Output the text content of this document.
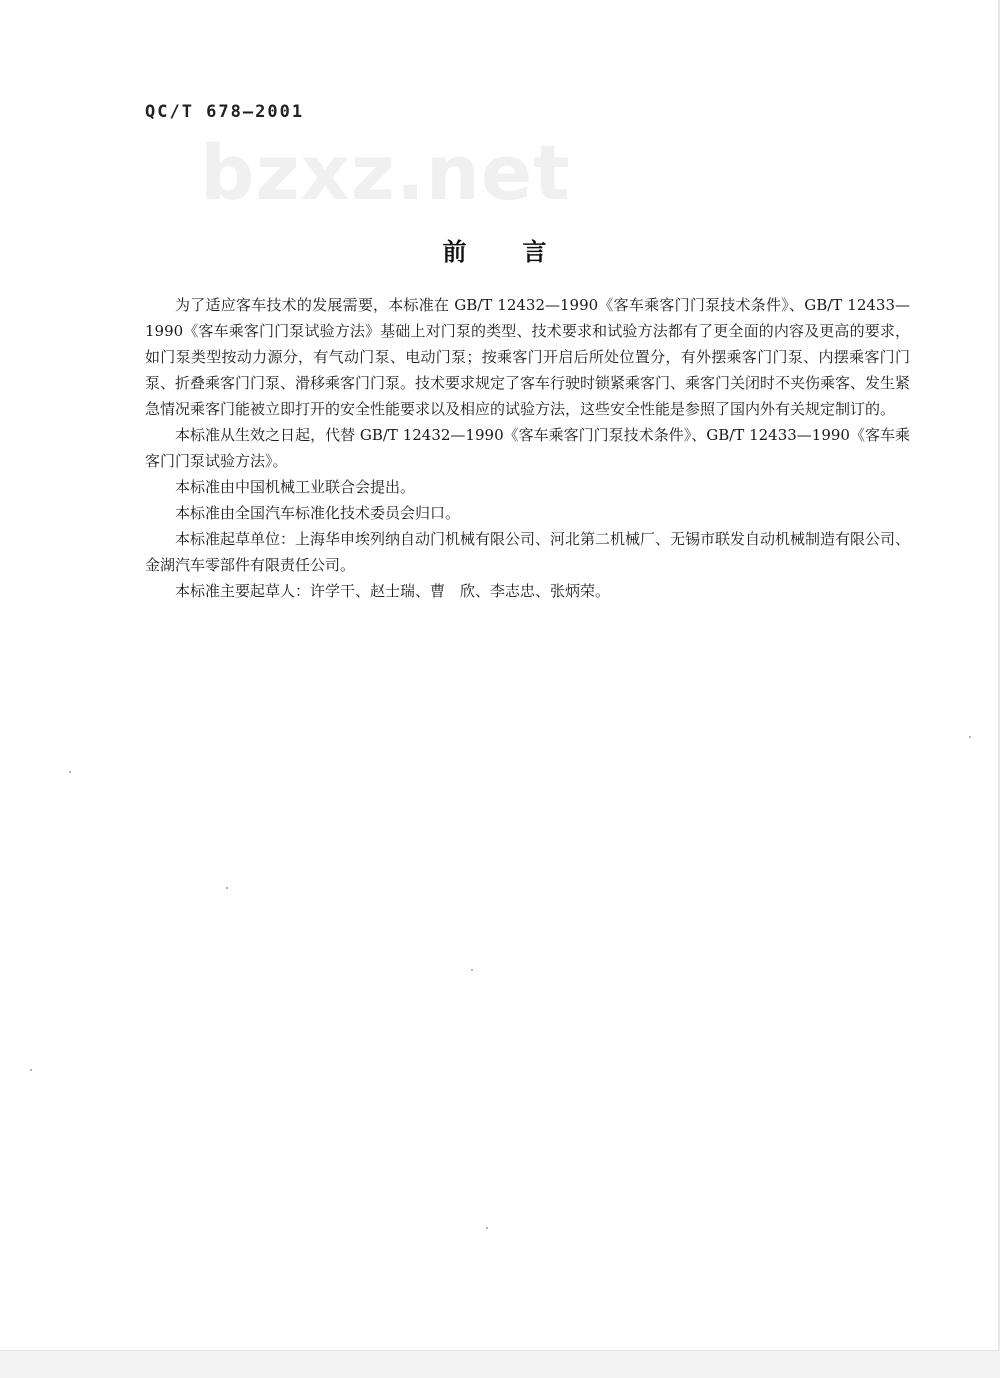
bzxz.net
QC/T 678—2001
前言

为了适应客车技术的发展需要，本标准在 GB/T 12432—1990《客车乘客门门泵技术条件》、GB/T 12433—1990《客车乘客门门泵试验方法》基础上对门泵的类型、技术要求和试验方法都有了更全面的内容及更高的要求，如门泵类型按动力源分，有气动门泵、电动门泵；按乘客门开启后所处位置分，有外摆乘客门门泵、内摆乘客门门泵、折叠乘客门门泵、滑移乘客门门泵。技术要求规定了客车行驶时锁紧乘客门、乘客门关闭时不夹伤乘客、发生紧急情况乘客门能被立即打开的安全性能要求以及相应的试验方法，这些安全性能是参照了国内外有关规定制订的。

本标准从生效之日起，代替 GB/T 12432—1990《客车乘客门门泵技术条件》、GB/T 12433—1990《客车乘客门门泵试验方法》。

本标准由中国机械工业联合会提出。

本标准由全国汽车标准化技术委员会归口。

本标准起草单位：上海华申埃列纳自动门机械有限公司、河北第二机械厂、无锡市联发自动机械制造有限公司、金湖汽车零部件有限责任公司。

本标准主要起草人：许学干、赵士瑞、曹　欣、李志忠、张炳荣。
